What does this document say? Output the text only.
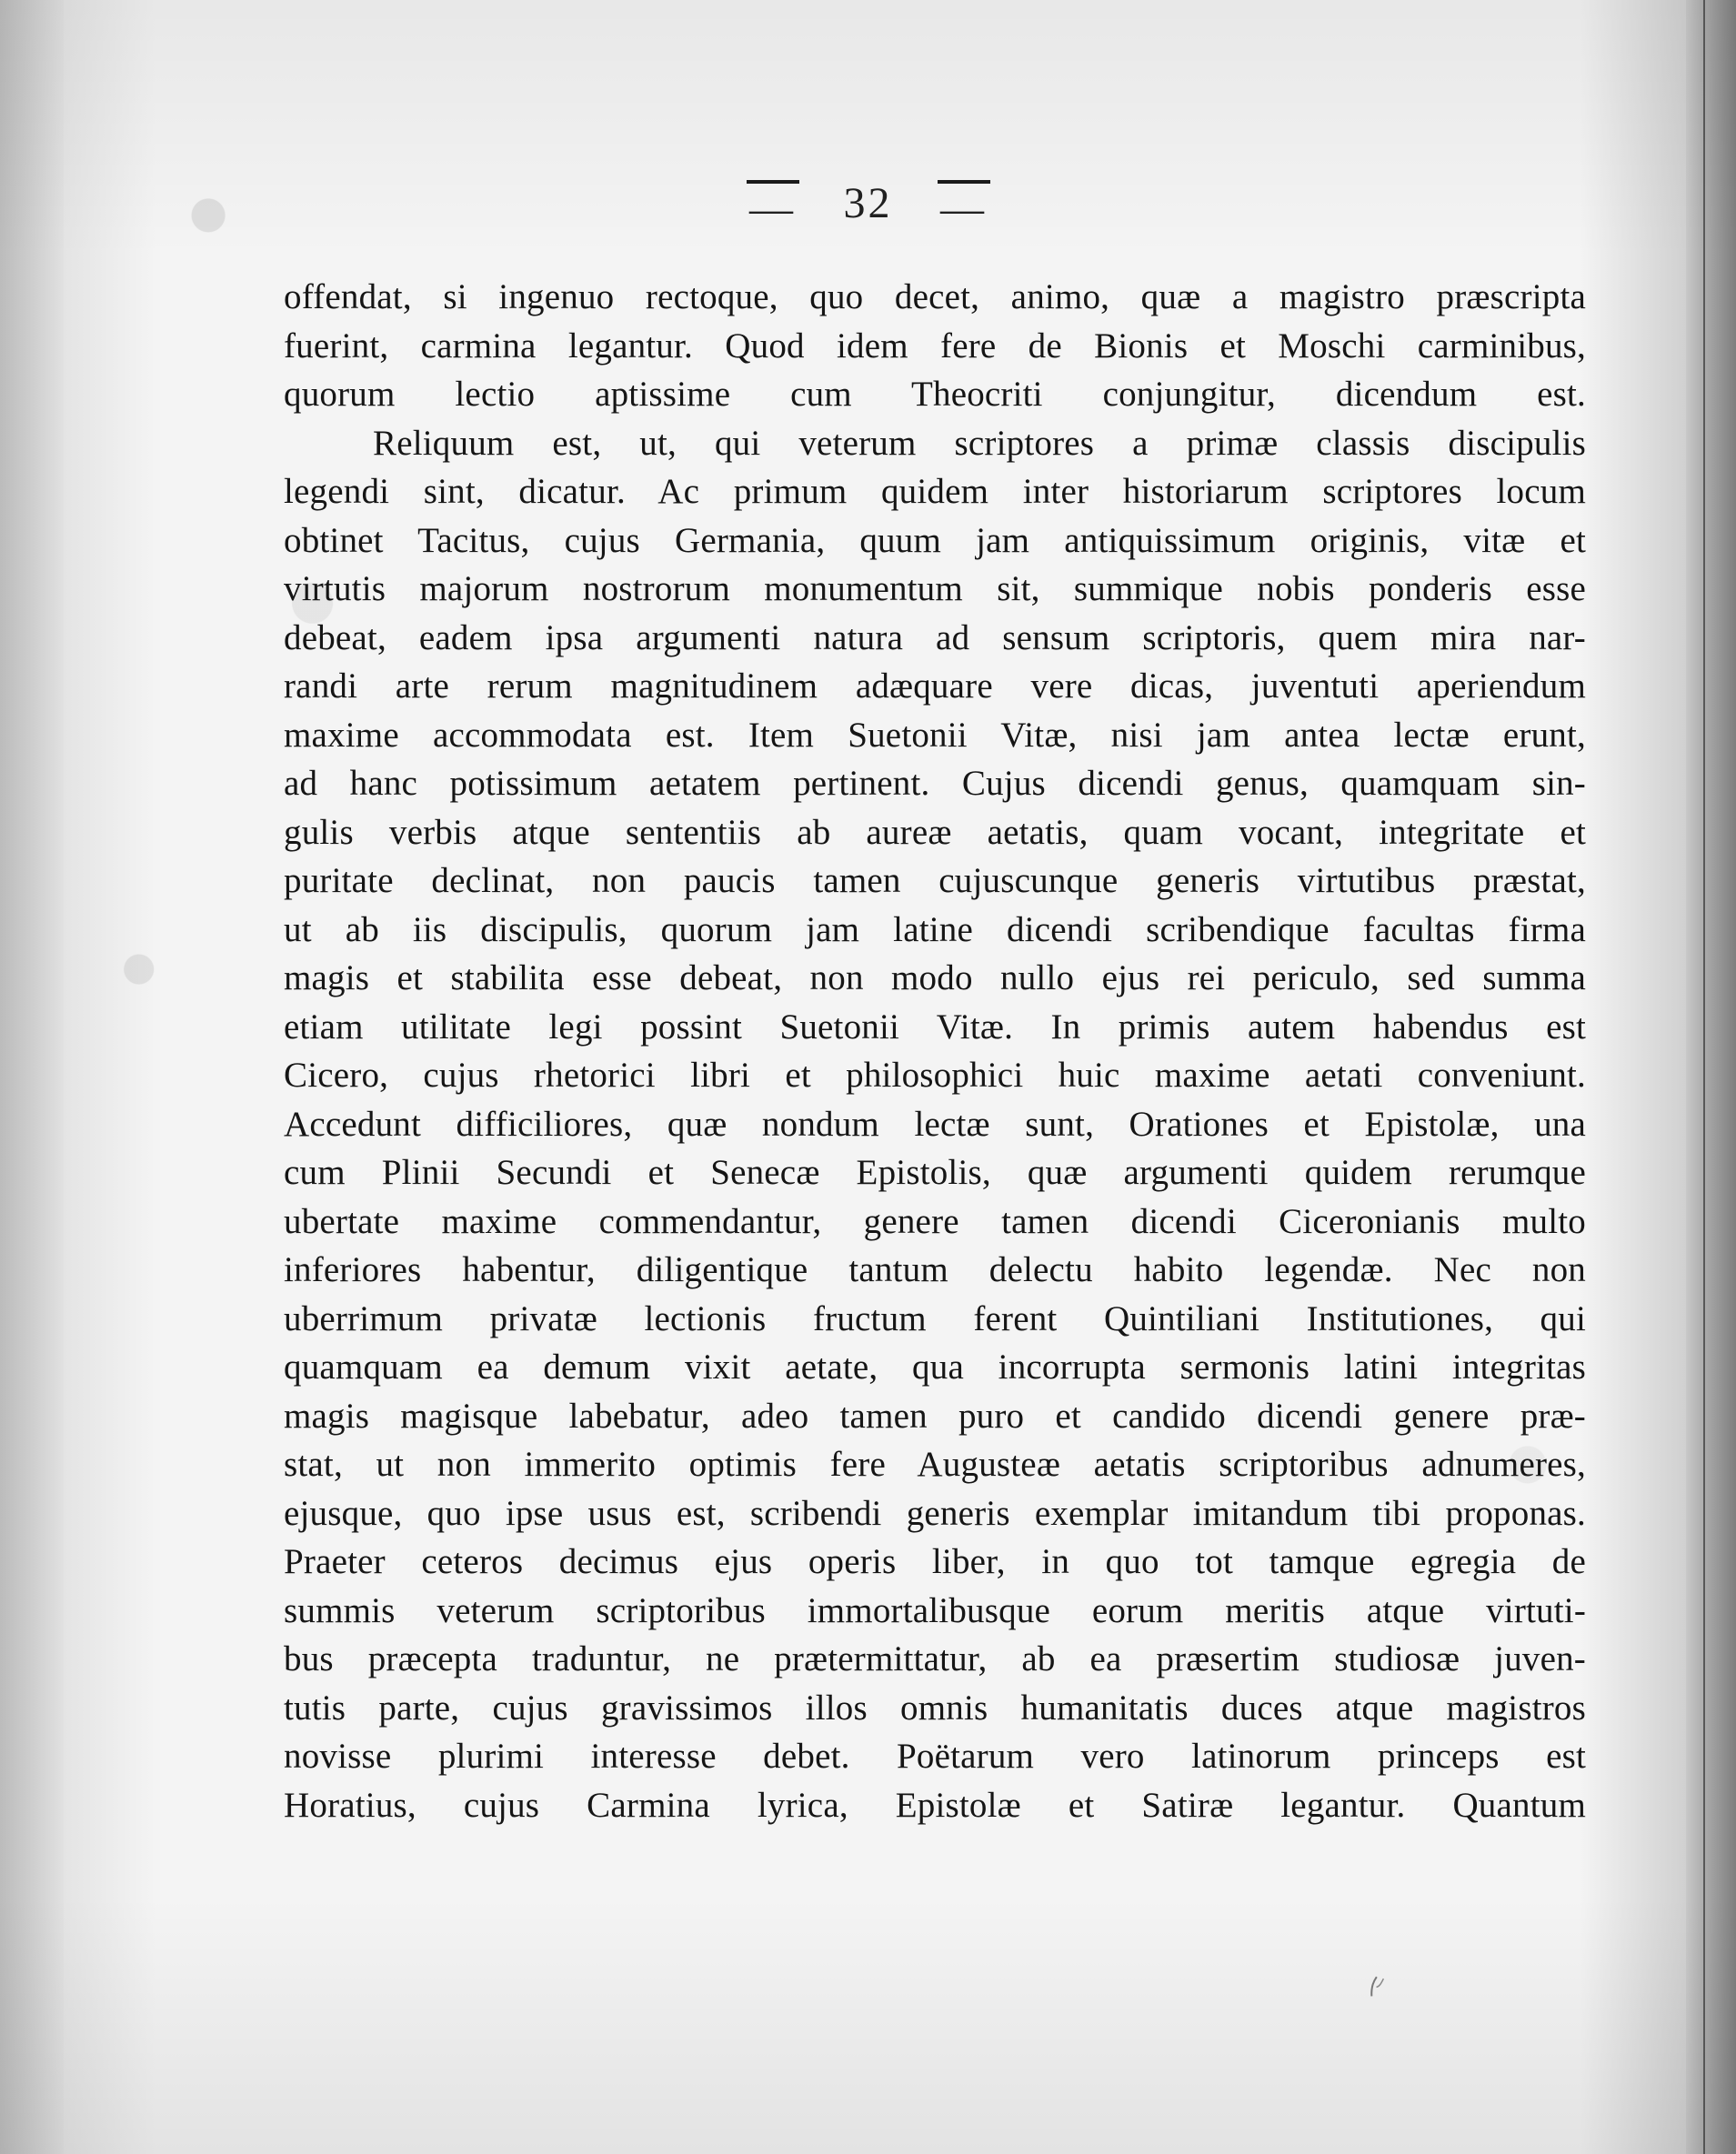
— 32 —
offendat, si ingenuo rectoque, quo decet, animo, quæ a magistro præscripta
fuerint, carmina legantur. Quod idem fere de Bionis et Moschi carminibus,
quorum lectio aptissime cum Theocriti conjungitur, dicendum est.
Reliquum est, ut, qui veterum scriptores a primæ classis discipulis
legendi sint, dicatur. Ac primum quidem inter historiarum scriptores locum
obtinet Tacitus, cujus Germania, quum jam antiquissimum originis, vitæ et
virtutis majorum nostrorum monumentum sit, summique nobis ponderis esse
debeat, eadem ipsa argumenti natura ad sensum scriptoris, quem mira nar-
randi arte rerum magnitudinem adæquare vere dicas, juventuti aperiendum
maxime accommodata est. Item Suetonii Vitæ, nisi jam antea lectæ erunt,
ad hanc potissimum aetatem pertinent. Cujus dicendi genus, quamquam sin-
gulis verbis atque sententiis ab aureæ aetatis, quam vocant, integritate et
puritate declinat, non paucis tamen cujuscunque generis virtutibus præstat,
ut ab iis discipulis, quorum jam latine dicendi scribendique facultas firma
magis et stabilita esse debeat, non modo nullo ejus rei periculo, sed summa
etiam utilitate legi possint Suetonii Vitæ. In primis autem habendus est
Cicero, cujus rhetorici libri et philosophici huic maxime aetati conveniunt.
Accedunt difficiliores, quæ nondum lectæ sunt, Orationes et Epistolæ, una
cum Plinii Secundi et Senecæ Epistolis, quæ argumenti quidem rerumque
ubertate maxime commendantur, genere tamen dicendi Ciceronianis multo
inferiores habentur, diligentique tantum delectu habito legendæ. Nec non
uberrimum privatæ lectionis fructum ferent Quintiliani Institutiones, qui
quamquam ea demum vixit aetate, qua incorrupta sermonis latini integritas
magis magisque labebatur, adeo tamen puro et candido dicendi genere præ-
stat, ut non immerito optimis fere Augusteæ aetatis scriptoribus adnumeres,
ejusque, quo ipse usus est, scribendi generis exemplar imitandum tibi proponas.
Praeter ceteros decimus ejus operis liber, in quo tot tamque egregia de
summis veterum scriptoribus immortalibusque eorum meritis atque virtuti-
bus præcepta traduntur, ne prætermittatur, ab ea præsertim studiosæ juven-
tutis parte, cujus gravissimos illos omnis humanitatis duces atque magistros
novisse plurimi interesse debet. Poëtarum vero latinorum princeps est
Horatius, cujus Carmina lyrica, Epistolæ et Satiræ legantur. Quantum
